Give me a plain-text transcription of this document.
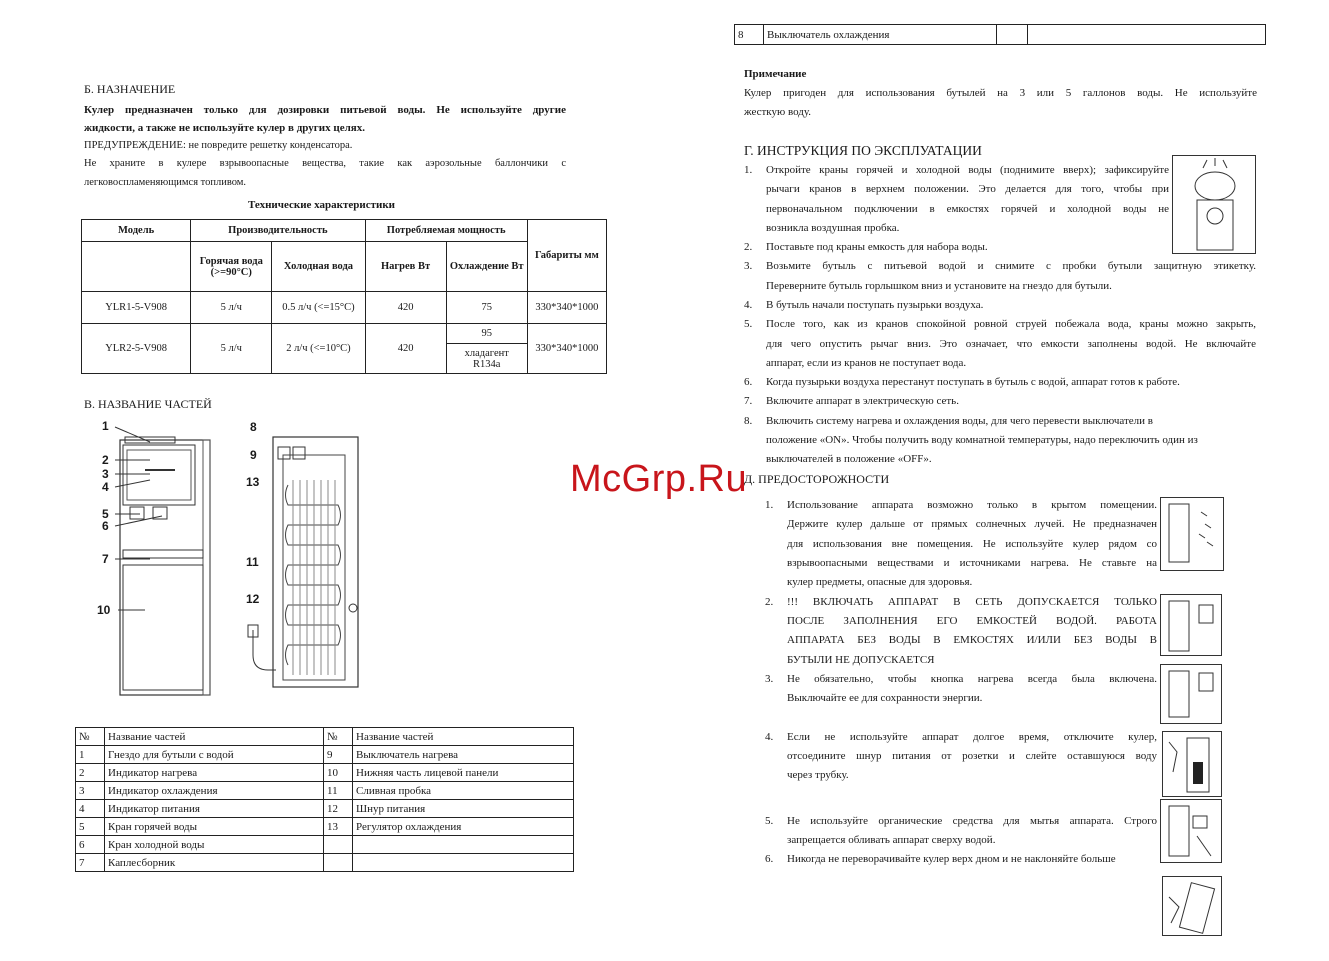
Б. НАЗНАЧЕНИЕ
Кулер предназначен только для дозировки питьевой воды. Не используйте другие
жидкости, а также не используйте кулер в других целях.
ПРЕДУПРЕЖДЕНИЕ: не повредите решетку конденсатора.
Не храните в кулере взрывоопасные вещества, такие как аэрозольные баллончики с
легковоспламеняющимся топливом.
Технические характеристики
Модель	Производительность		Потребляемая мощность		Габариты мм
	Горячая вода (>=90°С)	Холодная вода	Нагрев Вт	Охлаждение Вт	
YLR1-5-V908	5 л/ч	0.5 л/ч (<=15°С)	420	75	330*340*1000
YLR2-5-V908	5 л/ч	2 л/ч (<=10°С)	420	95	330*340*1000
				хладагент R134a	
В. НАЗВАНИЕ ЧАСТЕЙ
1
2
3
4
5
6
7
10
8
9
13
11
12
№	Название частей	№	Название частей
1	Гнездо для бутыли с водой	9	Выключатель нагрева
2	Индикатор нагрева	10	Нижняя часть лицевой панели
3	Индикатор охлаждения	11	Сливная пробка
4	Индикатор питания	12	Шнур питания
5	Кран горячей воды	13	Регулятор охлаждения
6	Кран холодной воды		
7	Каплесборник		
8	Выключатель охлаждения		
Примечание
Кулер пригоден для использования бутылей на 3 или 5 галлонов воды. Не используйте
жесткую воду.
Г. ИНСТРУКЦИЯ ПО ЭКСПЛУАТАЦИИ
1. Откройте краны горячей и холодной воды (поднимите вверх); зафиксируйте
рычаги кранов в верхнем положении. Это делается для того, чтобы при
первоначальном подключении в емкостях горячей и холодной воды не
возникла воздушная пробка.
2. Поставьте под краны емкость для набора воды.
3. Возьмите бутыль с питьевой водой и снимите с пробки бутыли защитную этикетку.
Переверните бутыль горлышком вниз и установите на гнездо для бутыли.
4. В бутыль начали поступать пузырьки воздуха.
5. После того, как из кранов спокойной ровной струей побежала вода, краны можно закрыть,
для чего опустить рычаг вниз. Это означает, что емкости заполнены водой. Не включайте
аппарат, если из кранов не поступает вода.
6. Когда пузырьки воздуха перестанут поступать в бутыль с водой, аппарат готов к работе.
7. Включите аппарат в электрическую сеть.
8. Включить систему нагрева и охлаждения воды, для чего перевести выключатели в
положение «ON». Чтобы получить воду комнатной температуры, надо переключить один из
выключателей в положение «OFF».
Д. ПРЕДОСТОРОЖНОСТИ
1. Использование аппарата возможно только в крытом помещении.
Держите кулер дальше от прямых солнечных лучей. Не предназначен
для использования вне помещения. Не используйте кулер рядом со
взрывоопасными веществами и источниками нагрева. Не ставьте на
кулер предметы, опасные для здоровья.
2. !!! ВКЛЮЧАТЬ АППАРАТ В СЕТЬ ДОПУСКАЕТСЯ ТОЛЬКО
ПОСЛЕ ЗАПОЛНЕНИЯ ЕГО ЕМКОСТЕЙ ВОДОЙ. РАБОТА
АППАРАТА БЕЗ ВОДЫ В ЕМКОСТЯХ И/ИЛИ БЕЗ ВОДЫ В
БУТЫЛИ НЕ ДОПУСКАЕТСЯ
3. Не обязательно, чтобы кнопка нагрева всегда была включена.
Выключайте ее для сохранности энергии.
4. Если не используйте аппарат долгое время, отключите кулер,
отсоедините шнур питания от розетки и слейте оставшуюся воду
через трубку.
5. Не используйте органические средства для мытья аппарата. Строго
запрещается обливать аппарат сверху водой.
6. Никогда не переворачивайте кулер верх дном и не наклоняйте больше
McGrp.Ru
